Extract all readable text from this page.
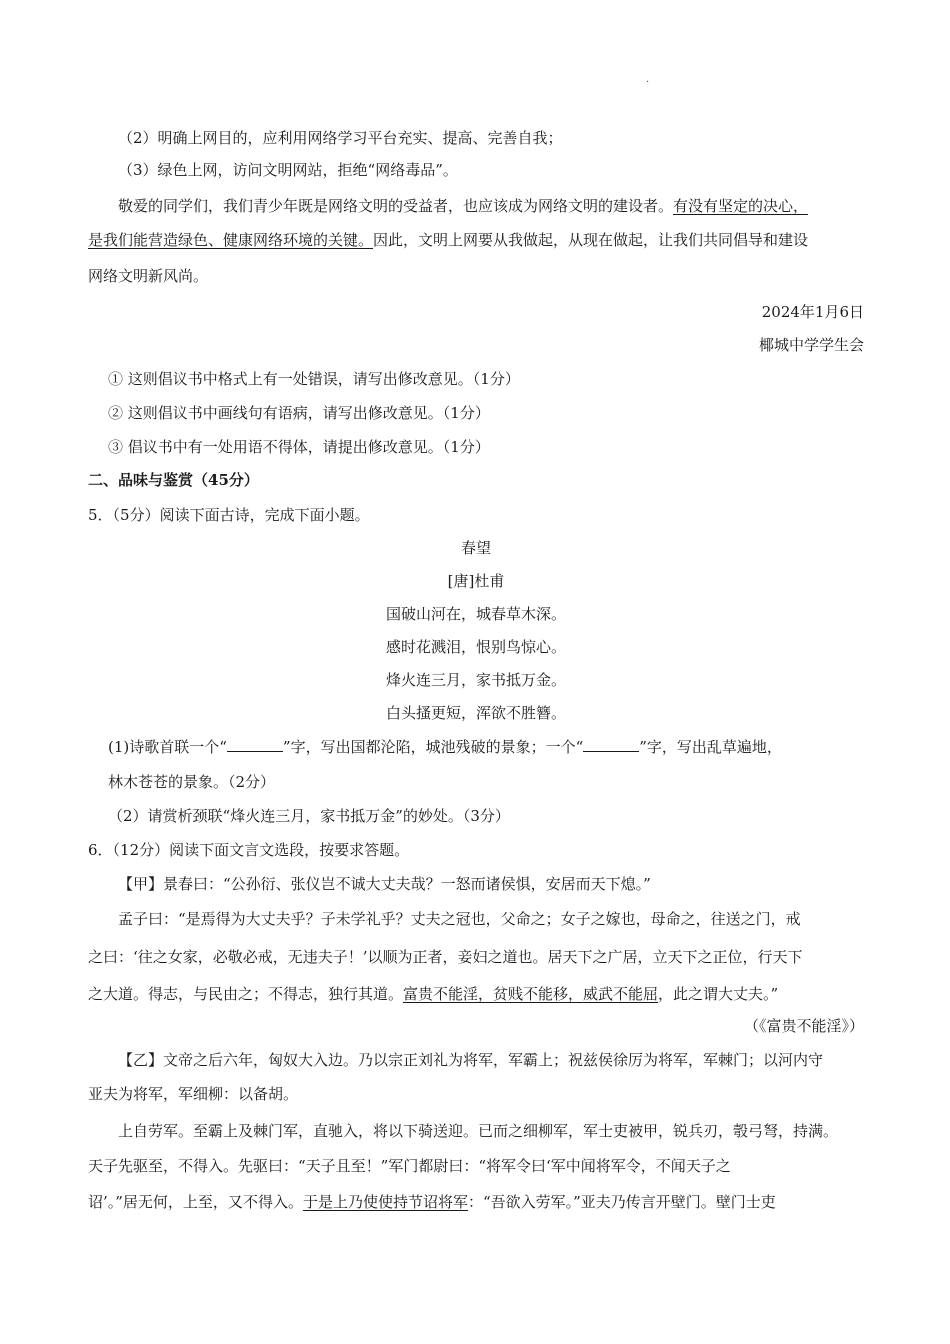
.
（2）明确上网目的，应利用网络学习平台充实、提高、完善自我；
（3）绿色上网，访问文明网站，拒绝“网络毒品”。
敬爱的同学们，我们青少年既是网络文明的受益者，也应该成为网络文明的建设者。有没有坚定的决心，
是我们能营造绿色、健康网络环境的关键。因此，文明上网要从我做起，从现在做起，让我们共同倡导和建设
网络文明新风尚。
2024年1月6日
椰城中学学生会
① 这则倡议书中格式上有一处错误，请写出修改意见。（1分）
② 这则倡议书中画线句有语病，请写出修改意见。（1分）
③ 倡议书中有一处用语不得体，请提出修改意见。（1分）
二、品味与鉴赏（45分）
5．（5分）阅读下面古诗，完成下面小题。
春望
[唐]杜甫
国破山河在，城春草木深。
感时花溅泪，恨别鸟惊心。
烽火连三月，家书抵万金。
白头搔更短，浑欲不胜簪。
(1)诗歌首联一个“	”字，写出国都沦陷，城池残破的景象；一个“	”字，写出乱草遍地，
林木苍苍的景象。（2分）
（2）请赏析颈联“烽火连三月，家书抵万金”的妙处。（3分）
6．（12分）阅读下面文言文选段，按要求答题。
【甲】景春曰：“公孙衍、张仪岂不诚大丈夫哉？一怒而诸侯惧，安居而天下熄。”
孟子曰：“是焉得为大丈夫乎？子未学礼乎？丈夫之冠也，父命之；女子之嫁也，母命之，往送之门，戒
之曰：‘往之女家，必敬必戒，无违夫子！’以顺为正者，妾妇之道也。居天下之广居，立天下之正位，行天下
之大道。得志，与民由之；不得志，独行其道。富贵不能淫，贫贱不能移，威武不能屈，此之谓大丈夫。”
（《富贵不能淫》）
【乙】文帝之后六年，匈奴大入边。乃以宗正刘礼为将军，军霸上；祝兹侯徐厉为将军，军棘门；以河内守
亚夫为将军，军细柳：以备胡。
上自劳军。至霸上及棘门军，直驰入，将以下骑送迎。已而之细柳军，军士吏被甲，锐兵刃，彀弓弩，持满。
天子先驱至，不得入。先驱曰：“天子且至！”军门都尉曰：“将军令曰‘军中闻将军令，不闻天子之
诏’。”居无何，上至，又不得入。于是上乃使使持节诏将军：“吾欲入劳军。”亚夫乃传言开壁门。壁门士吏
